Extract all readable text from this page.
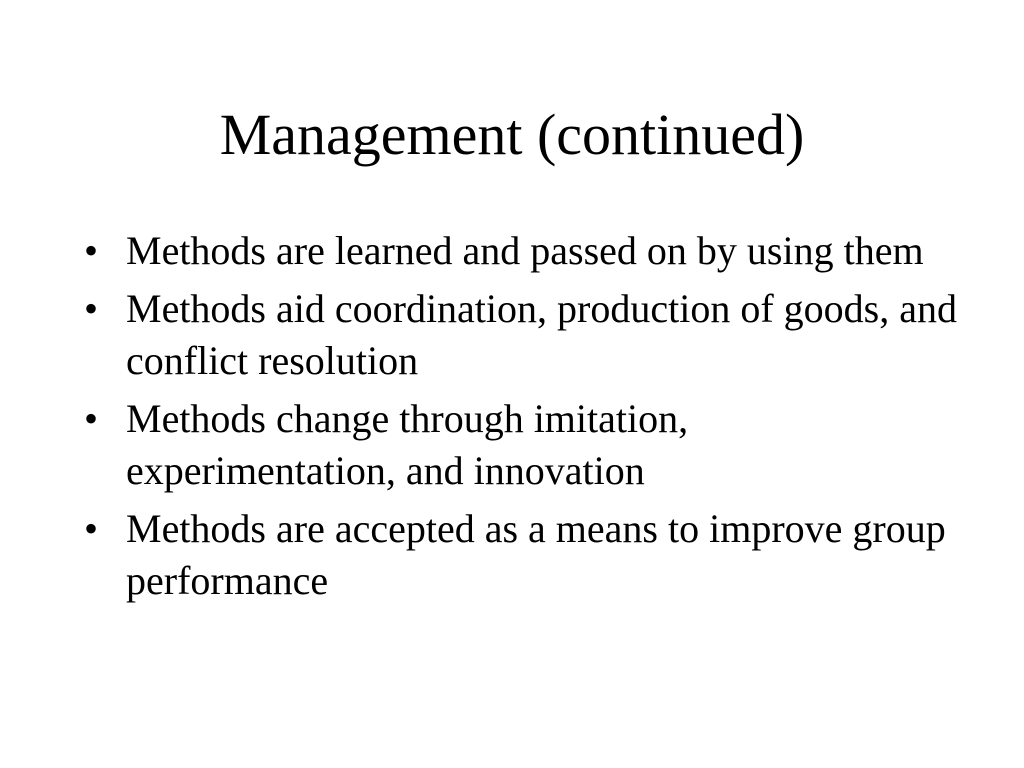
Management (continued)
• Methods are learned and passed on by using them
• Methods aid coordination, production of goods, and conflict resolution
• Methods change through imitation, experimentation, and innovation
• Methods are accepted as a means to improve group performance
